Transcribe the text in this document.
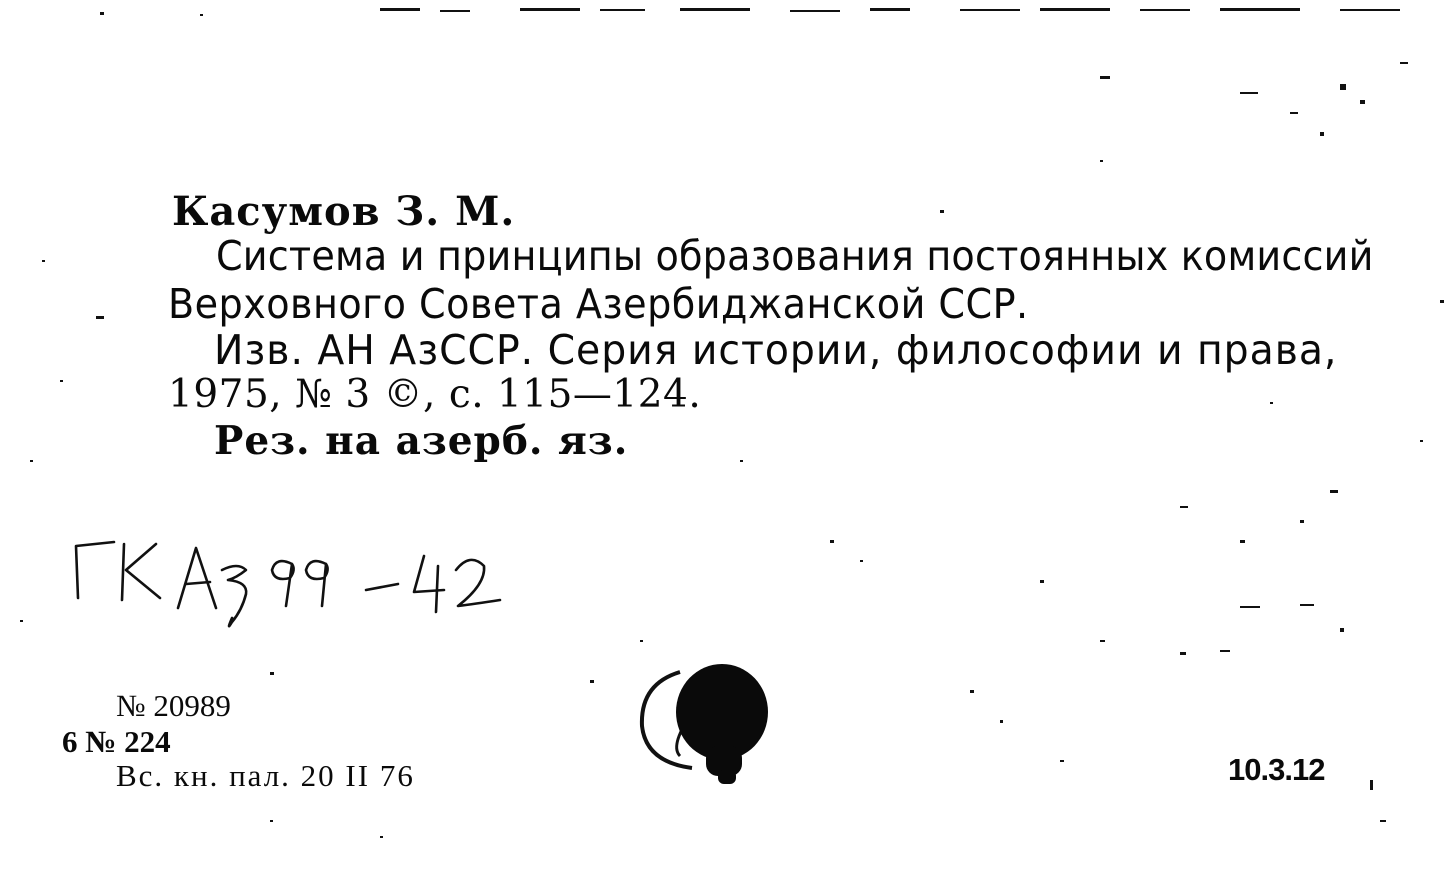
Касумов З. М.
Система и принципы образования постоянных комиссий
Верховного Совета Азербиджанской ССР.
Изв. АН АзССР. Серия истории, философии и права,
1975, № 3 ©, с. 115—124.
Рез. на азерб. яз.
№ 20989
6 № 224
Вс. кн. пал. 20 II 76	10.3.12
